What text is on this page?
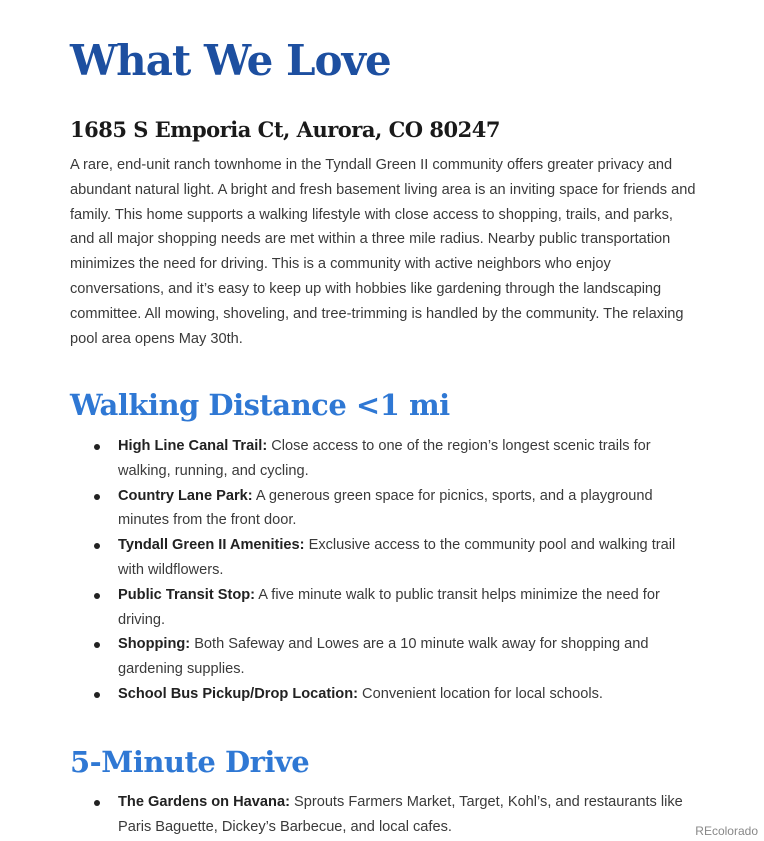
What We Love
1685 S Emporia Ct, Aurora, CO 80247

A rare, end-unit ranch townhome in the Tyndall Green II community offers greater privacy and abundant natural light. A bright and fresh basement living area is an inviting space for friends and family. This home supports a walking lifestyle with close access to shopping, trails, and parks, and all major shopping needs are met within a three mile radius. Nearby public transportation minimizes the need for driving. This is a community with active neighbors who enjoy conversations, and it’s easy to keep up with hobbies like gardening through the landscaping committee. All mowing, shoveling, and tree-trimming is handled by the community. The relaxing pool area opens May 30th.

Walking Distance <1 mi
High Line Canal Trail: Close access to one of the region’s longest scenic trails for walking, running, and cycling.
Country Lane Park: A generous green space for picnics, sports, and a playground minutes from the front door.
Tyndall Green II Amenities: Exclusive access to the community pool and walking trail with wildflowers.
Public Transit Stop: A five minute walk to public transit helps minimize the need for driving.
Shopping: Both Safeway and Lowes are a 10 minute walk away for shopping and gardening supplies.
School Bus Pickup/Drop Location: Convenient location for local schools.
5-Minute Drive
The Gardens on Havana: Sprouts Farmers Market, Target, Kohl’s, and restaurants like Paris Baguette, Dickey’s Barbecue, and local cafes.	REcolorado
